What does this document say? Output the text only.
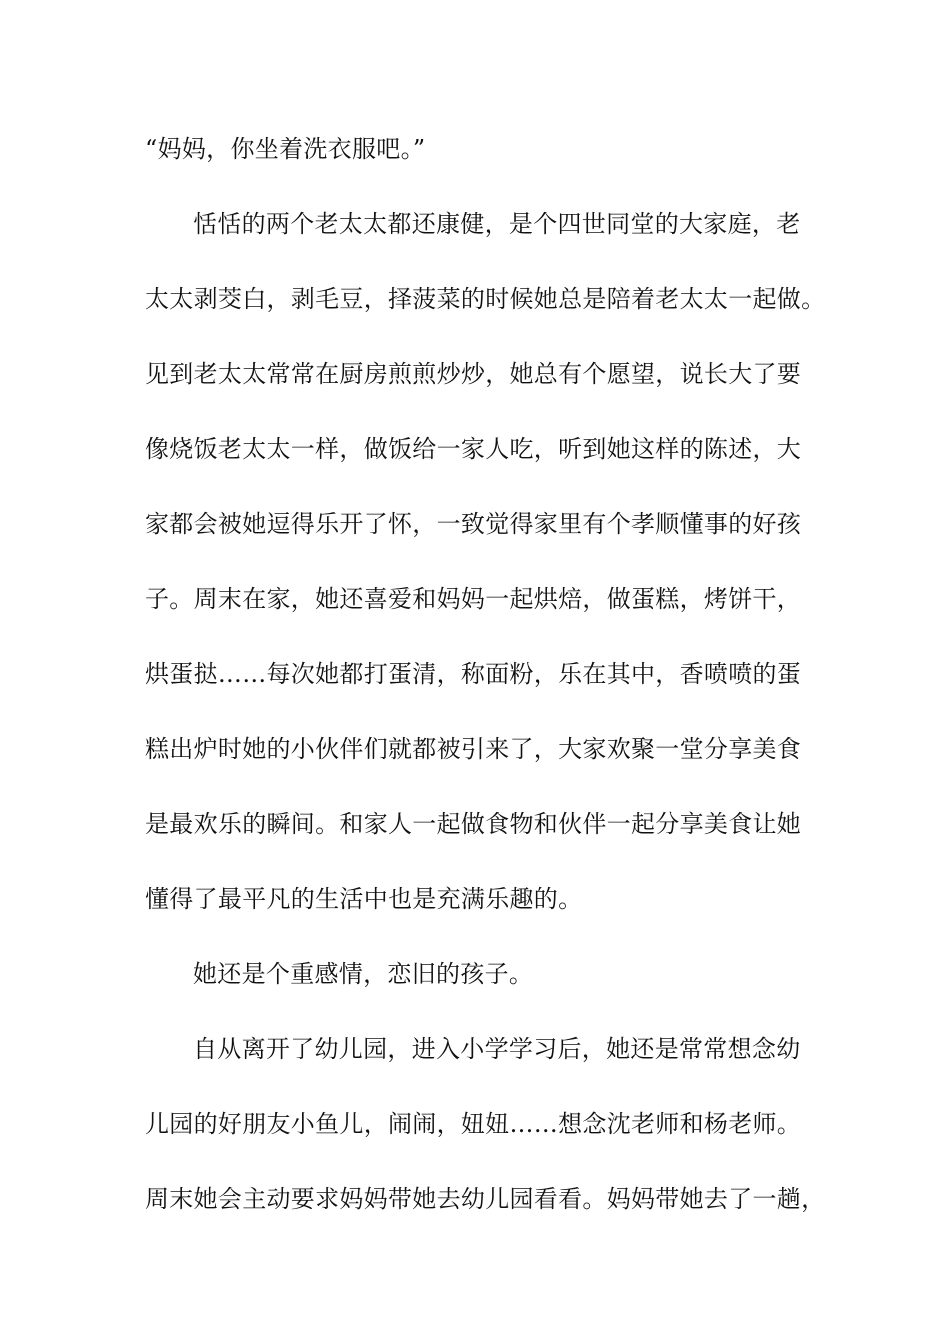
“妈妈，你坐着洗衣服吧。”
恬恬的两个老太太都还康健，是个四世同堂的大家庭，老
太太剥茭白，剥毛豆，择菠菜的时候她总是陪着老太太一起做。
见到老太太常常在厨房煎煎炒炒，她总有个愿望，说长大了要
像烧饭老太太一样，做饭给一家人吃，听到她这样的陈述，大
家都会被她逗得乐开了怀，一致觉得家里有个孝顺懂事的好孩
子。周末在家，她还喜爱和妈妈一起烘焙，做蛋糕，烤饼干，
烘蛋挞……每次她都打蛋清，称面粉，乐在其中，香喷喷的蛋
糕出炉时她的小伙伴们就都被引来了，大家欢聚一堂分享美食
是最欢乐的瞬间。和家人一起做食物和伙伴一起分享美食让她
懂得了最平凡的生活中也是充满乐趣的。
她还是个重感情，恋旧的孩子。
自从离开了幼儿园，进入小学学习后，她还是常常想念幼
儿园的好朋友小鱼儿，闹闹，妞妞……想念沈老师和杨老师。
周末她会主动要求妈妈带她去幼儿园看看。妈妈带她去了一趟，
